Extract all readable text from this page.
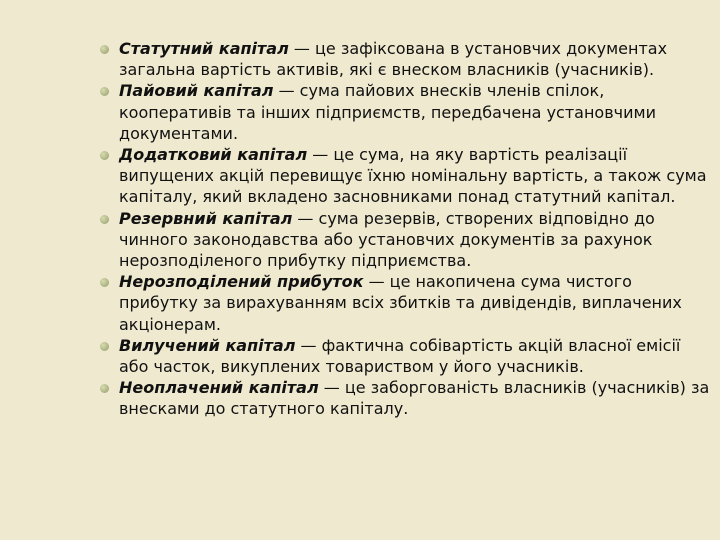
Статутний капітал — це зафіксована в установчих документах загальна вартість активів, які є внеском власників (учасників).
Пайовий капітал — сума пайових внесків членів спілок, кооперативів та інших підприємств, передбачена установчими документами.
Додатковий капітал — це сума, на яку вартість реалізації випущених акцій перевищує їхню номінальну вартість, а також сума капіталу, який вкладено засновниками понад статутний капітал.
Резервний капітал — сума резервів, створених відповідно до чинного законодавства або установчих документів за рахунок нерозподіленого прибутку підприємства.
Нерозподілений прибуток — це накопичена сума чистого прибутку за вирахуванням всіх збитків та дивідендів, виплачених акціонерам.
Вилучений капітал — фактична собівартість акцій власної емісії або часток, викуплених товариством у його учасників.
Неоплачений капітал — це заборгованість власників (учасників) за внесками до статутного капіталу.
